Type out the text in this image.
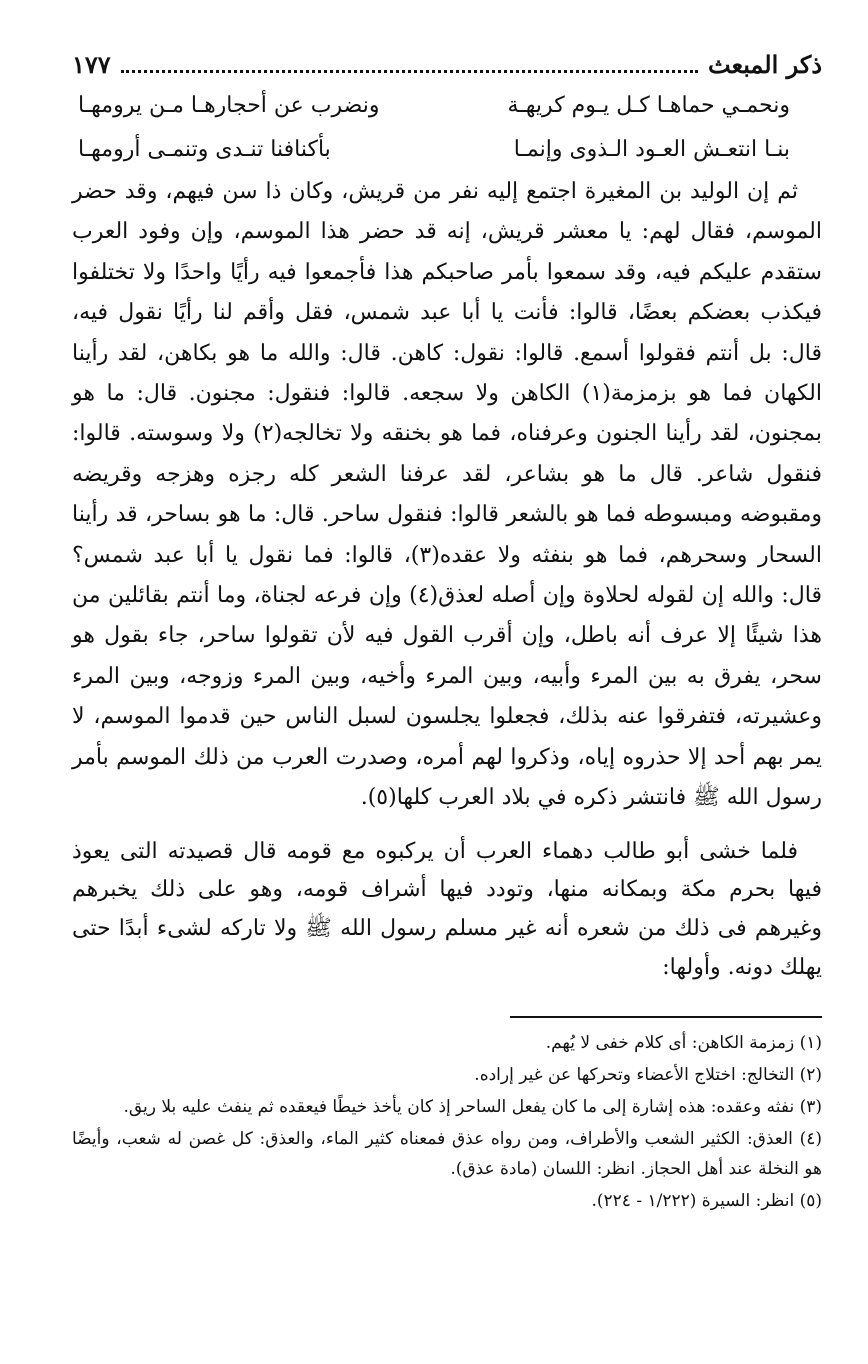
ذكر المبعث
١٧٧
ونحمـي حماهـا كـل يـوم كريهـة
ونضرب عن أحجارهـا مـن يرومهـا
بنـا انتعـش العـود الـذوى وإنمـا
بأكنافنا تنـدى وتنمـى أرومهـا

ثم إن الوليد بن المغيرة اجتمع إليه نفر من قريش، وكان ذا سن فيهم، وقد حضر الموسم، فقال لهم: يا معشر قريش، إنه قد حضر هذا الموسم، وإن وفود العرب ستقدم عليكم فيه، وقد سمعوا بأمر صاحبكم هذا فأجمعوا فيه رأيًا واحدًا ولا تختلفوا فيكذب بعضكم بعضًا، قالوا: فأنت يا أبا عبد شمس، فقل وأقم لنا رأيًا نقول فيه، قال: بل أنتم فقولوا أسمع. قالوا: نقول: كاهن. قال: والله ما هو بكاهن، لقد رأينا الكهان فما هو بزمزمة(١) الكاهن ولا سجعه. قالوا: فنقول: مجنون. قال: ما هو بمجنون، لقد رأينا الجنون وعرفناه، فما هو بخنقه ولا تخالجه(٢) ولا وسوسته. قالوا: فنقول شاعر. قال ما هو بشاعر، لقد عرفنا الشعر كله رجزه وهزجه وقريضه ومقبوضه ومبسوطه فما هو بالشعر قالوا: فنقول ساحر. قال: ما هو بساحر، قد رأينا السحار وسحرهم، فما هو بنفثه ولا عقده(٣)، قالوا: فما نقول يا أبا عبد شمس؟ قال: والله إن لقوله لحلاوة وإن أصله لعذق(٤) وإن فرعه لجناة، وما أنتم بقائلين من هذا شيئًا إلا عرف أنه باطل، وإن أقرب القول فيه لأن تقولوا ساحر، جاء بقول هو سحر، يفرق به بين المرء وأبيه، وبين المرء وأخيه، وبين المرء وزوجه، وبين المرء وعشيرته، فتفرقوا عنه بذلك، فجعلوا يجلسون لسبل الناس حين قدموا الموسم، لا يمر بهم أحد إلا حذروه إياه، وذكروا لهم أمره، وصدرت العرب من ذلك الموسم بأمر رسول الله ﷺ فانتشر ذكره في بلاد العرب كلها(٥).

فلما خشى أبو طالب دهماء العرب أن يركبوه مع قومه قال قصيدته التى يعوذ فيها بحرم مكة وبمكانه منها، وتودد فيها أشراف قومه، وهو على ذلك يخبرهم وغيرهم فى ذلك من شعره أنه غير مسلم رسول الله ﷺ ولا تاركه لشىء أبدًا حتى يهلك دونه. وأولها:

(١) زمزمة الكاهن: أى كلام خفى لا يُهم.

(٢) التخالج: اختلاج الأعضاء وتحركها عن غير إراده.

(٣) نفثه وعقده: هذه إشارة إلى ما كان يفعل الساحر إذ كان يأخذ خيطًا فيعقده ثم ينفث عليه بلا ريق.

(٤) العذق: الكثير الشعب والأطراف، ومن رواه عذق فمعناه كثير الماء، والعذق: كل غصن له شعب، وأيضًا هو النخلة عند أهل الحجاز. انظر: اللسان (مادة عذق).

(٥) انظر: السيرة (١/٢٢٢ - ٢٢٤).
